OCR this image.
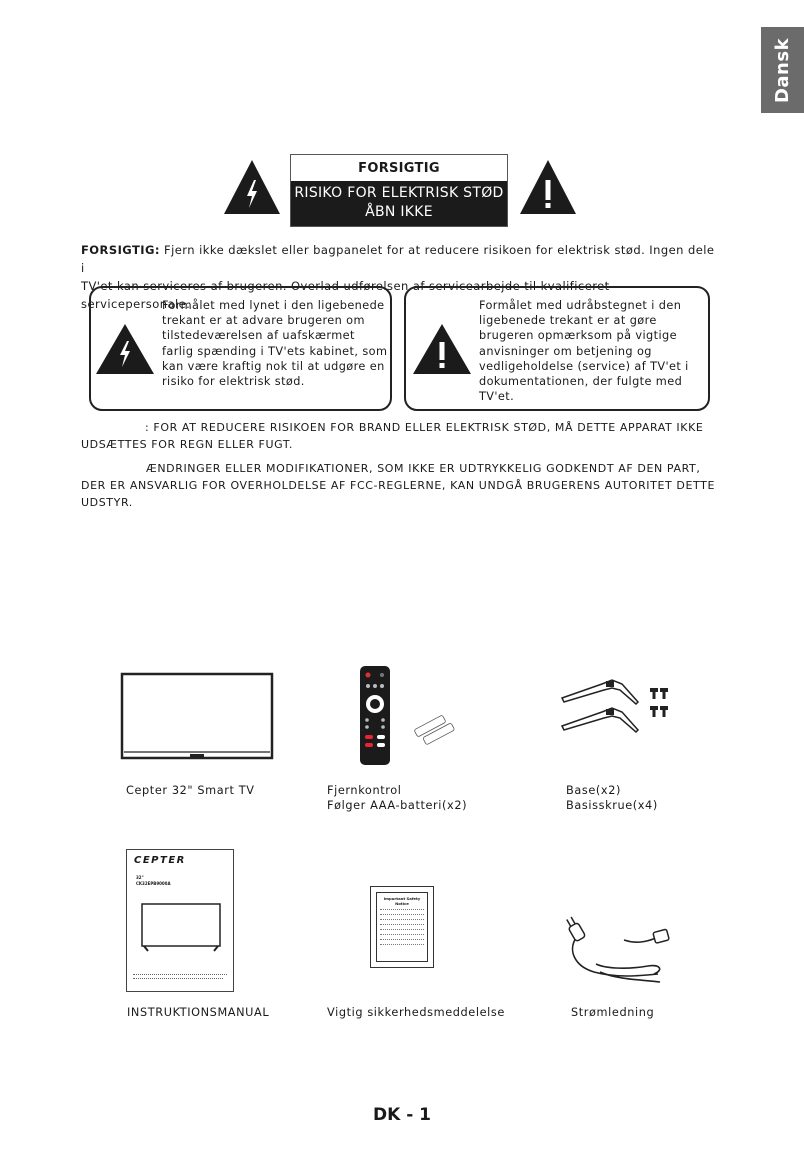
Dansk
FORSIGTIG
RISIKO FOR ELEKTRISK STØD
ÅBN IKKE
FORSIGTIG: Fjern ikke dækslet eller bagpanelet for at reducere risikoen for elektrisk stød. Ingen dele i
TV'et kan serviceres af brugeren. Overlad udførelsen af servicearbejde til kvalificeret servicepersonale.
Formålet med lynet i den ligebenede
trekant er at advare brugeren om
tilstedeværelsen af uafskærmet
farlig spænding i TV'ets kabinet, som
kan være kraftig nok til at udgøre en
risiko for elektrisk stød.
Formålet med udråbstegnet i den
ligebenede trekant er at gøre
brugeren opmærksom på vigtige
anvisninger om betjening og
vedligeholdelse (service) af TV'et i
dokumentationen, der fulgte med
TV'et.
: FOR AT REDUCERE RISIKOEN FOR BRAND ELLER ELEKTRISK STØD, MÅ DETTE APPARAT IKKE
UDSÆTTES FOR REGN ELLER FUGT.
ÆNDRINGER ELLER MODIFIKATIONER, SOM IKKE ER UDTRYKKELIG GODKENDT AF DEN PART,
DER ER ANSVARLIG FOR OVERHOLDELSE AF FCC-REGLERNE, KAN UNDGÅ BRUGERENS AUTORITET DETTE
UDSTYR.
Cepter 32" Smart TV	Fjernkontrol
Følger AAA-batteri(x2)
Base(x2)
Basisskrue(x4)
CEPTER
32"
CK32EPB9000A
INSTRUKTIONSMANUAL
Important Safety Notice
Vigtig sikkerhedsmeddelelse	Strømledning
DK - 1
